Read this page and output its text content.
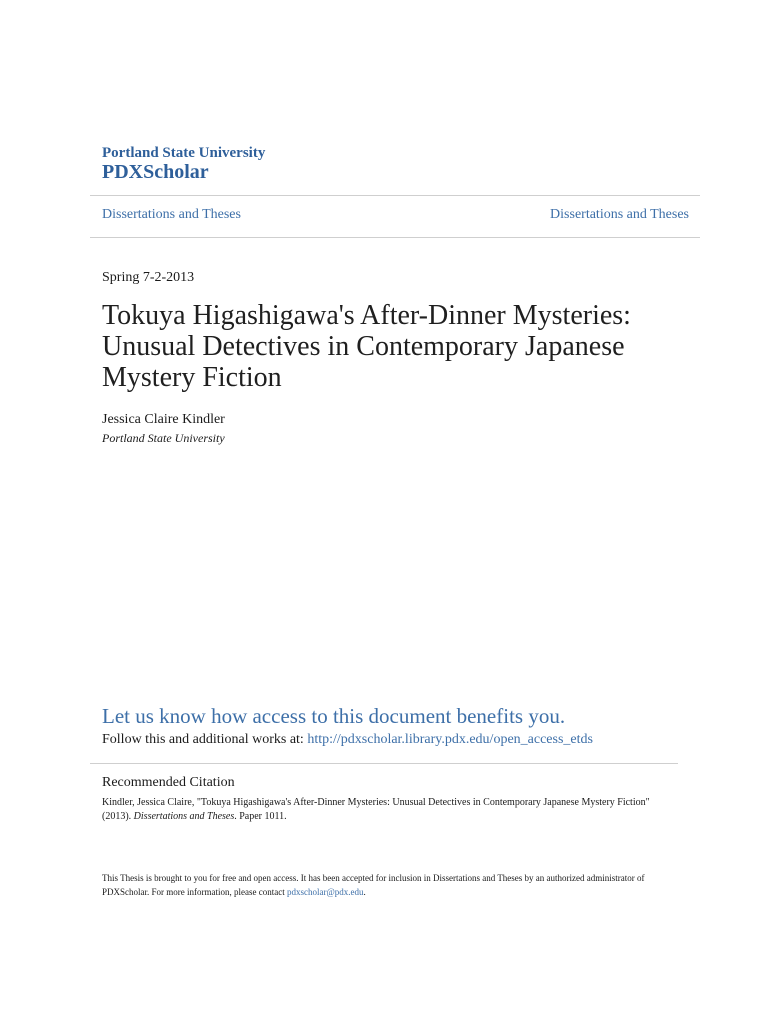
Portland State University
PDXScholar
Dissertations and Theses	Dissertations and Theses
Spring 7-2-2013
Tokuya Higashigawa's After-Dinner Mysteries: Unusual Detectives in Contemporary Japanese Mystery Fiction
Jessica Claire Kindler
Portland State University
Let us know how access to this document benefits you.
Follow this and additional works at: http://pdxscholar.library.pdx.edu/open_access_etds
Recommended Citation
Kindler, Jessica Claire, "Tokuya Higashigawa's After-Dinner Mysteries: Unusual Detectives in Contemporary Japanese Mystery Fiction" (2013). Dissertations and Theses. Paper 1011.
This Thesis is brought to you for free and open access. It has been accepted for inclusion in Dissertations and Theses by an authorized administrator of PDXScholar. For more information, please contact pdxscholar@pdx.edu.
